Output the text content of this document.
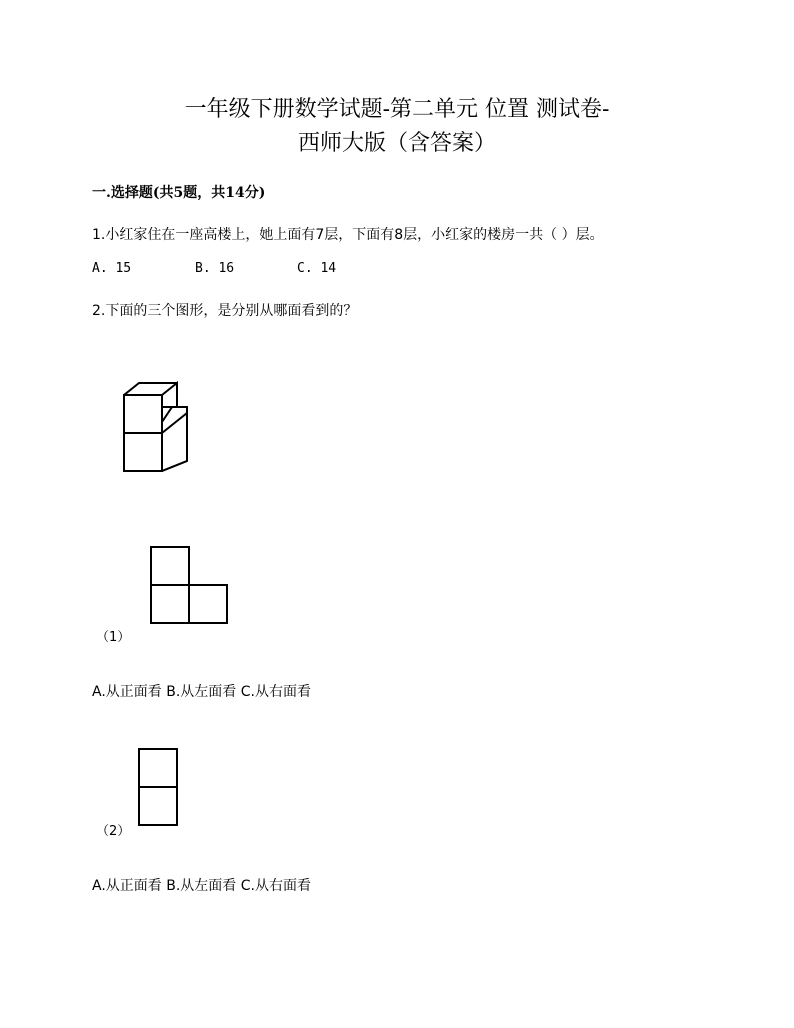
一年级下册数学试题-第二单元 位置 测试卷-
西师大版（含答案）
一.选择题(共5题，共14分)
1.小红家住在一座高楼上，她上面有7层，下面有8层，小红家的楼房一共（ ）层。
A. 15	B. 16	C. 14
2.下面的三个图形，是分别从哪面看到的？
（1）
A.从正面看 B.从左面看 C.从右面看
（2）
A.从正面看 B.从左面看 C.从右面看
